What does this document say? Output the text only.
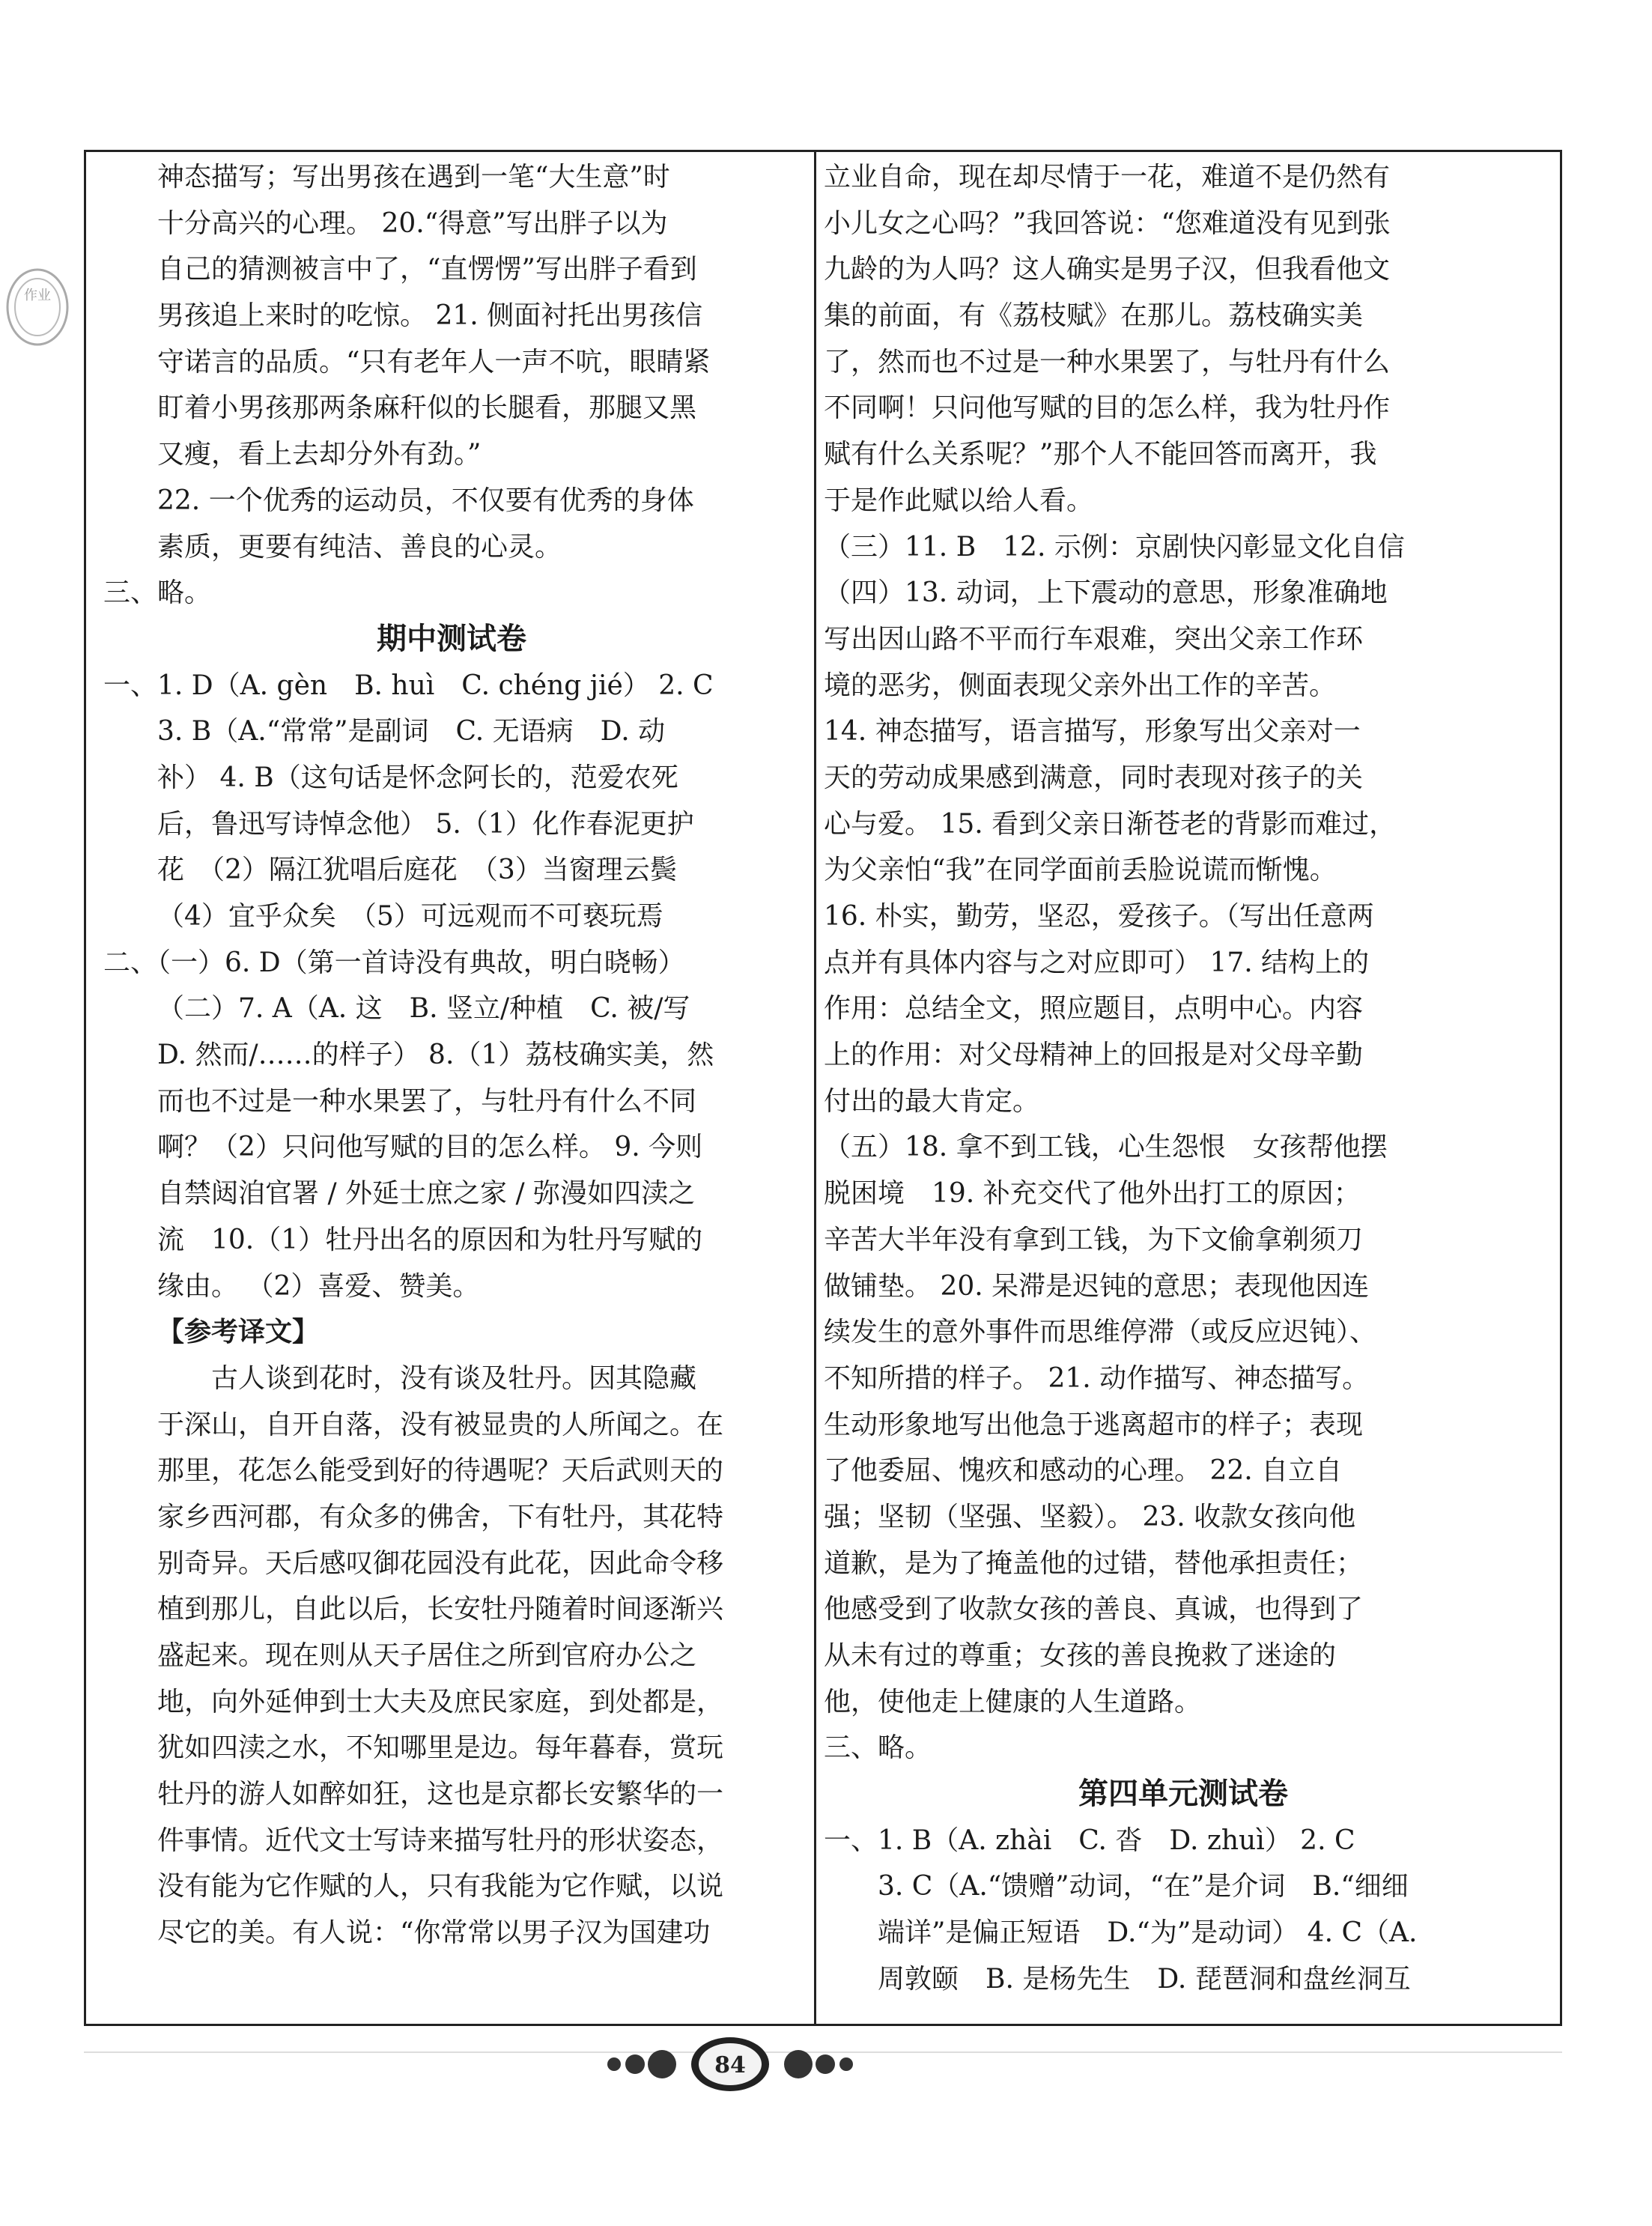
作业
神态描写；写出男孩在遇到一笔“大生意”时
十分高兴的心理。 20.“得意”写出胖子以为
自己的猜测被言中了，“直愣愣”写出胖子看到
男孩追上来时的吃惊。 21. 侧面衬托出男孩信
守诺言的品质。“只有老年人一声不吭，眼睛紧
盯着小男孩那两条麻秆似的长腿看，那腿又黑
又瘦，看上去却分外有劲。”
22. 一个优秀的运动员，不仅要有优秀的身体
素质，更要有纯洁、善良的心灵。
三、略。
期中测试卷
一、1. D（A. gèn　B. huì　C. chéng jié） 2. C
3. B（A.“常常”是副词　C. 无语病　D. 动
补） 4. B（这句话是怀念阿长的，范爱农死
后，鲁迅写诗悼念他） 5.（1）化作春泥更护
花　（2）隔江犹唱后庭花　（3）当窗理云鬓
（4）宜乎众矣　（5）可远观而不可亵玩焉
二、（一）6. D（第一首诗没有典故，明白晓畅）
（二）7. A（A. 这　B. 竖立/种植　C. 被/写
D. 然而/……的样子） 8.（1）荔枝确实美，然
而也不过是一种水果罢了，与牡丹有什么不同
啊？（2）只问他写赋的目的怎么样。 9. 今则
自禁闼洎官署 / 外延士庶之家 / 弥漫如四渎之
流　10.（1）牡丹出名的原因和为牡丹写赋的
缘由。 （2）喜爱、赞美。
【参考译文】
　　古人谈到花时，没有谈及牡丹。因其隐藏
于深山，自开自落，没有被显贵的人所闻之。在
那里，花怎么能受到好的待遇呢？天后武则天的
家乡西河郡，有众多的佛舍，下有牡丹，其花特
别奇异。天后感叹御花园没有此花，因此命令移
植到那儿，自此以后，长安牡丹随着时间逐渐兴
盛起来。现在则从天子居住之所到官府办公之
地，向外延伸到士大夫及庶民家庭，到处都是，
犹如四渎之水，不知哪里是边。每年暮春，赏玩
牡丹的游人如醉如狂，这也是京都长安繁华的一
件事情。近代文士写诗来描写牡丹的形状姿态，
没有能为它作赋的人，只有我能为它作赋，以说
尽它的美。有人说：“你常常以男子汉为国建功
立业自命，现在却尽情于一花，难道不是仍然有
小儿女之心吗？”我回答说：“您难道没有见到张
九龄的为人吗？这人确实是男子汉，但我看他文
集的前面，有《荔枝赋》在那儿。荔枝确实美
了，然而也不过是一种水果罢了，与牡丹有什么
不同啊！只问他写赋的目的怎么样，我为牡丹作
赋有什么关系呢？”那个人不能回答而离开，我
于是作此赋以给人看。
（三）11. B　12. 示例：京剧快闪彰显文化自信
（四）13. 动词，上下震动的意思，形象准确地
写出因山路不平而行车艰难，突出父亲工作环
境的恶劣，侧面表现父亲外出工作的辛苦。
14. 神态描写，语言描写，形象写出父亲对一
天的劳动成果感到满意，同时表现对孩子的关
心与爱。 15. 看到父亲日渐苍老的背影而难过，
为父亲怕“我”在同学面前丢脸说谎而惭愧。
16. 朴实，勤劳，坚忍，爱孩子。（写出任意两
点并有具体内容与之对应即可） 17. 结构上的
作用：总结全文，照应题目，点明中心。内容
上的作用：对父母精神上的回报是对父母辛勤
付出的最大肯定。
（五）18. 拿不到工钱，心生怨恨　女孩帮他摆
脱困境　19. 补充交代了他外出打工的原因；
辛苦大半年没有拿到工钱，为下文偷拿剃须刀
做铺垫。 20. 呆滞是迟钝的意思；表现他因连
续发生的意外事件而思维停滞（或反应迟钝）、
不知所措的样子。 21. 动作描写、神态描写。
生动形象地写出他急于逃离超市的样子；表现
了他委屈、愧疚和感动的心理。 22. 自立自
强；坚韧（坚强、坚毅）。 23. 收款女孩向他
道歉，是为了掩盖他的过错，替他承担责任；
他感受到了收款女孩的善良、真诚，也得到了
从未有过的尊重；女孩的善良挽救了迷途的
他，使他走上健康的人生道路。
三、略。
第四单元测试卷
一、1. B（A. zhài　C. 沓　D. zhuì） 2. C
3. C（A.“馈赠”动词，“在”是介词　B.“细细
端详”是偏正短语　D.“为”是动词） 4. C（A.
周敦颐　B. 是杨先生　D. 琵琶洞和盘丝洞互
84
